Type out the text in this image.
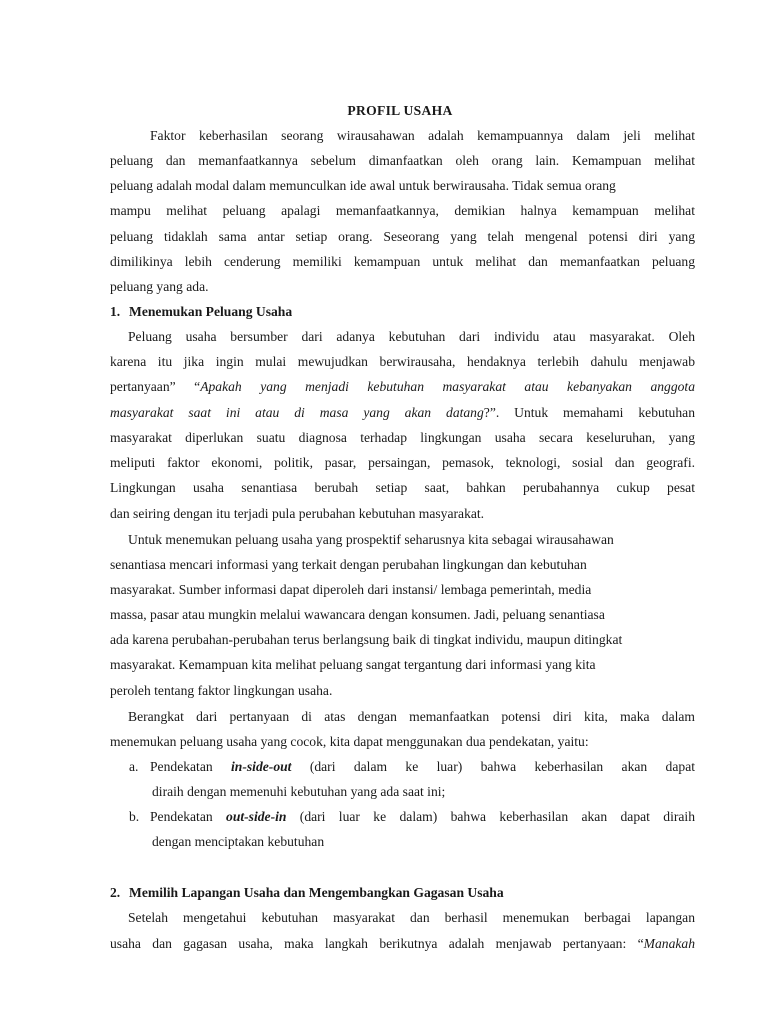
PROFIL USAHA
Faktor keberhasilan seorang wirausahawan adalah kemampuannya dalam jeli melihat
peluang dan memanfaatkannya sebelum dimanfaatkan oleh orang lain. Kemampuan melihat
peluang adalah modal dalam memunculkan ide awal untuk berwirausaha. Tidak semua orang
mampu melihat peluang apalagi memanfaatkannya, demikian halnya kemampuan melihat
peluang tidaklah sama antar setiap orang. Seseorang yang telah mengenal potensi diri yang
dimilikinya lebih cenderung memiliki kemampuan untuk melihat dan memanfaatkan peluang
peluang yang ada.
1. Menemukan Peluang Usaha
Peluang usaha bersumber dari adanya kebutuhan dari individu atau masyarakat. Oleh
karena itu jika ingin mulai mewujudkan berwirausaha, hendaknya terlebih dahulu menjawab
pertanyaan” “Apakah yang menjadi kebutuhan masyarakat atau kebanyakan anggota
masyarakat saat ini atau di masa yang akan datang?”. Untuk memahami kebutuhan
masyarakat diperlukan suatu diagnosa terhadap lingkungan usaha secara keseluruhan, yang
meliputi faktor ekonomi, politik, pasar, persaingan, pemasok, teknologi, sosial dan geografi.
Lingkungan usaha senantiasa berubah setiap saat, bahkan perubahannya cukup pesat
dan seiring dengan itu terjadi pula perubahan kebutuhan masyarakat.
Untuk menemukan peluang usaha yang prospektif seharusnya kita sebagai wirausahawan
senantiasa mencari informasi yang terkait dengan perubahan lingkungan dan kebutuhan
masyarakat. Sumber informasi dapat diperoleh dari instansi/ lembaga pemerintah, media
massa, pasar atau mungkin melalui wawancara dengan konsumen. Jadi, peluang senantiasa
ada karena perubahan-perubahan terus berlangsung baik di tingkat individu, maupun ditingkat
masyarakat. Kemampuan kita melihat peluang sangat tergantung dari informasi yang kita
peroleh tentang faktor lingkungan usaha.
Berangkat dari pertanyaan di atas dengan memanfaatkan potensi diri kita, maka dalam
menemukan peluang usaha yang cocok, kita dapat menggunakan dua pendekatan, yaitu:
a. Pendekatan in-side-out (dari dalam ke luar) bahwa keberhasilan akan dapat
diraih dengan memenuhi kebutuhan yang ada saat ini;
b. Pendekatan out-side-in (dari luar ke dalam) bahwa keberhasilan akan dapat diraih
dengan menciptakan kebutuhan
2. Memilih Lapangan Usaha dan Mengembangkan Gagasan Usaha
Setelah mengetahui kebutuhan masyarakat dan berhasil menemukan berbagai lapangan
usaha dan gagasan usaha, maka langkah berikutnya adalah menjawab pertanyaan: “Manakah
